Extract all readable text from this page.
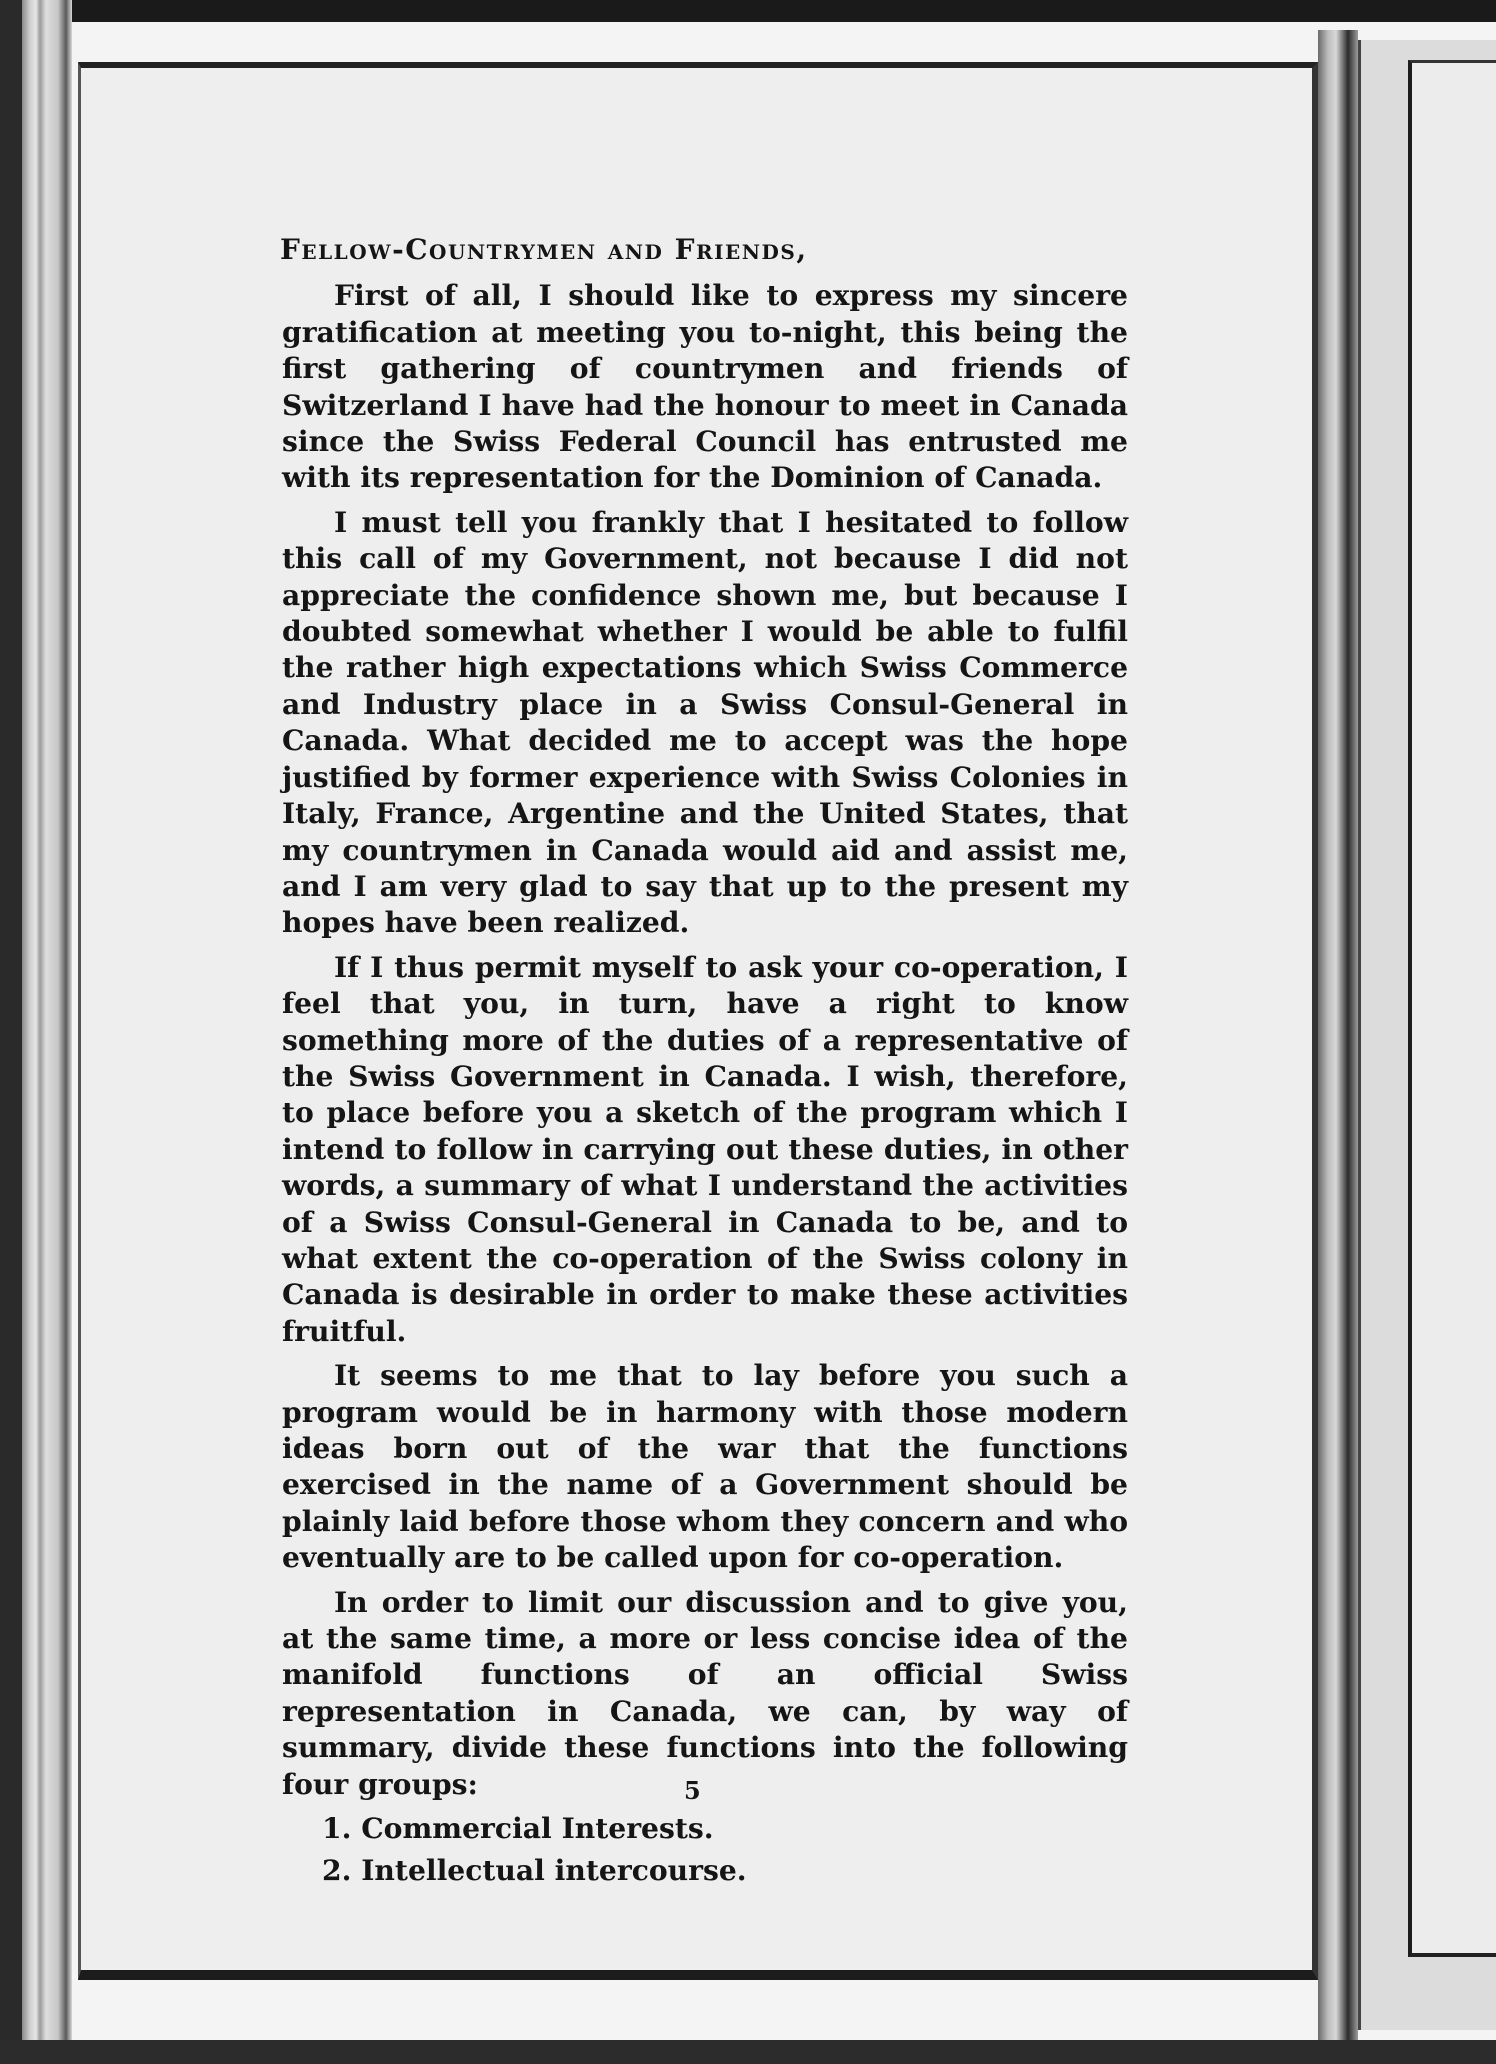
Fellow-Countrymen and Friends,

First of all, I should like to express my sincere gratification at meeting you to-night, this being the first gathering of countrymen and friends of Switzerland I have had the honour to meet in Canada since the Swiss Federal Council has entrusted me with its representation for the Dominion of Canada.

I must tell you frankly that I hesitated to follow this call of my Government, not because I did not appreciate the confidence shown me, but because I doubted somewhat whether I would be able to fulfil the rather high expectations which Swiss Commerce and Industry place in a Swiss Consul-General in Canada. What decided me to accept was the hope justified by former experience with Swiss Colonies in Italy, France, Argentine and the United States, that my countrymen in Canada would aid and assist me, and I am very glad to say that up to the present my hopes have been realized.

If I thus permit myself to ask your co-operation, I feel that you, in turn, have a right to know something more of the duties of a representative of the Swiss Government in Canada. I wish, therefore, to place before you a sketch of the program which I intend to follow in carrying out these duties, in other words, a summary of what I understand the activities of a Swiss Consul-General in Canada to be, and to what extent the co-operation of the Swiss colony in Canada is desirable in order to make these activities fruitful.

It seems to me that to lay before you such a program would be in harmony with those modern ideas born out of the war that the functions exercised in the name of a Government should be plainly laid before those whom they concern and who eventually are to be called upon for co-operation.

In order to limit our discussion and to give you, at the same time, a more or less concise idea of the manifold functions of an official Swiss representation in Canada, we can, by way of summary, divide these functions into the following four groups:

1. Commercial Interests.
2. Intellectual intercourse.
5
